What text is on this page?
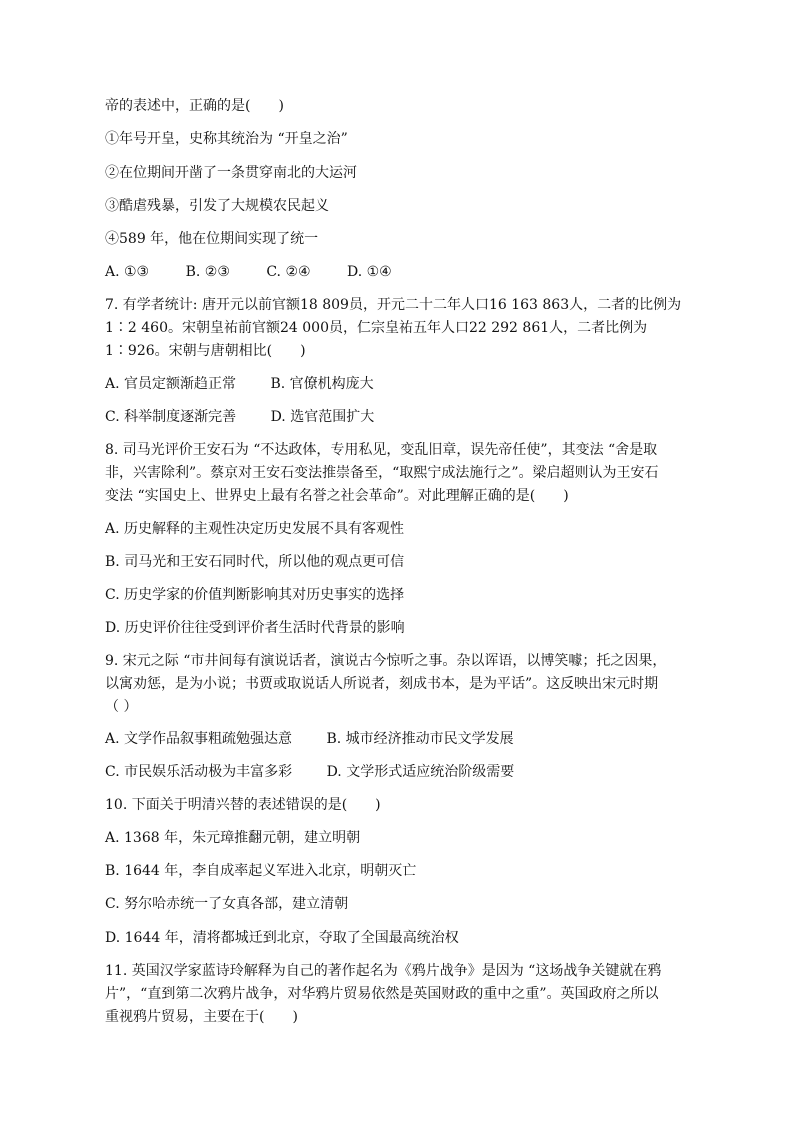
帝的表述中，正确的是(　　)
①年号开皇，史称其统治为 “开皇之治”
②在位期间开凿了一条贯穿南北的大运河
③酷虐残暴，引发了大规模农民起义
④589 年，他在位期间实现了统一
A. ①③	B. ②③	C. ②④	D. ①④
7. 有学者统计: 唐开元以前官额18 809员，开元二十二年人口16 163 863人，二者的比例为
1∶2 460。宋朝皇祐前官额24 000员，仁宗皇祐五年人口22 292 861人，二者比例为
1∶926。宋朝与唐朝相比(　　)
A. 官员定额渐趋正常 B. 官僚机构庞大
C. 科举制度逐渐完善 D. 选官范围扩大
8. 司马光评价王安石为 “不达政体，专用私见，变乱旧章，误先帝任使”，其变法 “舍是取
非，兴害除利”。蔡京对王安石变法推崇备至，“取熙宁成法施行之”。梁启超则认为王安石
变法 “实国史上、世界史上最有名誉之社会革命”。对此理解正确的是(　　)
A. 历史解释的主观性决定历史发展不具有客观性
B. 司马光和王安石同时代，所以他的观点更可信
C. 历史学家的价值判断影响其对历史事实的选择
D. 历史评价往往受到评价者生活时代背景的影响
9. 宋元之际 “市井间每有演说话者，演说古今惊听之事。杂以诨语，以博笑噱；托之因果，
以寓劝惩，是为小说；书贾或取说话人所说者，刻成书本，是为平话”。这反映出宋元时期
（ ）
A. 文学作品叙事粗疏勉强达意 B. 城市经济推动市民文学发展
C. 市民娱乐活动极为丰富多彩 D. 文学形式适应统治阶级需要
10. 下面关于明清兴替的表述错误的是(　　)
A. 1368 年，朱元璋推翻元朝，建立明朝
B. 1644 年，李自成率起义军进入北京，明朝灭亡
C. 努尔哈赤统一了女真各部，建立清朝
D. 1644 年，清将都城迁到北京，夺取了全国最高统治权
11. 英国汉学家蓝诗玲解释为自己的著作起名为《鸦片战争》是因为 “这场战争关键就在鸦
片”，“直到第二次鸦片战争，对华鸦片贸易依然是英国财政的重中之重”。英国政府之所以
重视鸦片贸易，主要在于(　　)
